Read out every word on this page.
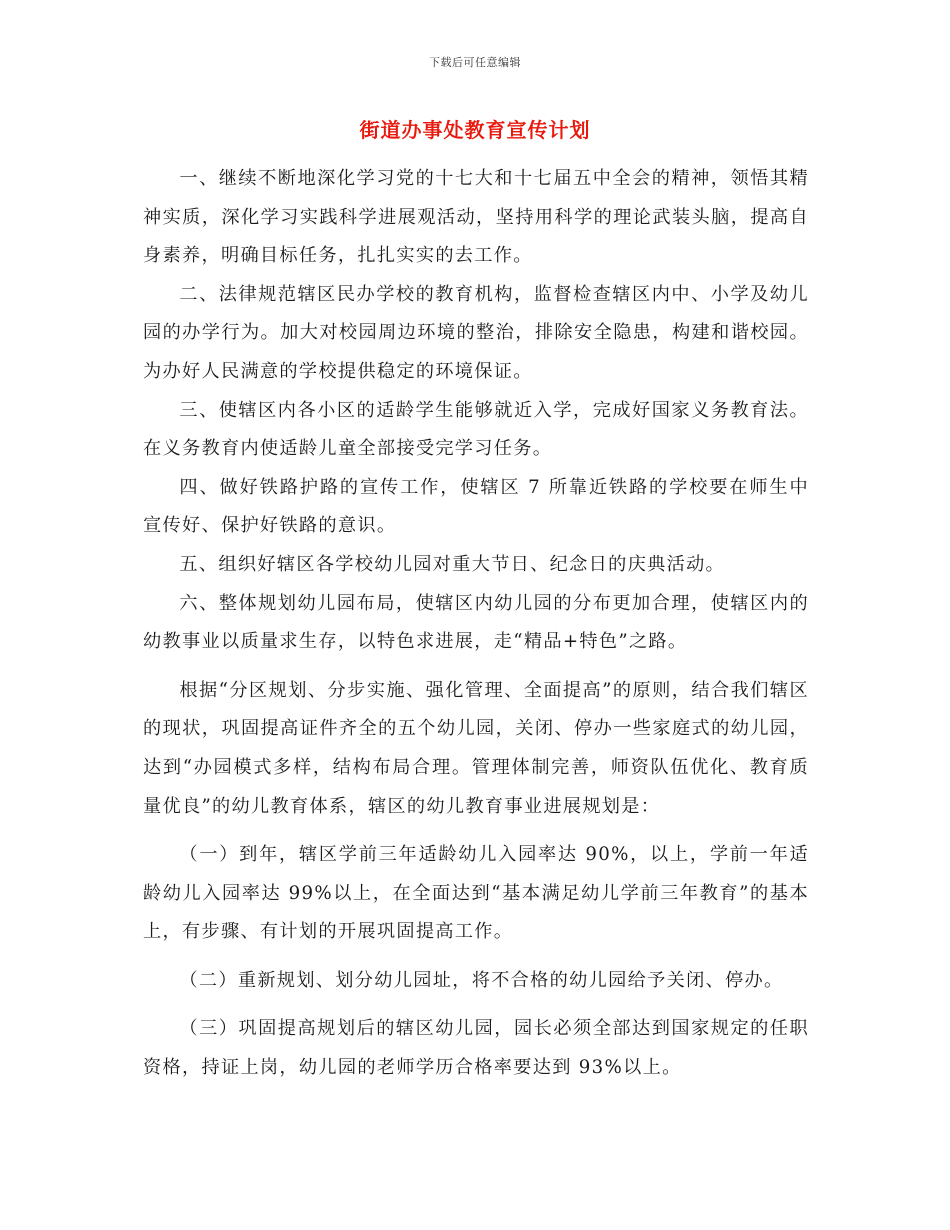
下载后可任意编辑
街道办事处教育宣传计划

一、继续不断地深化学习党的十七大和十七届五中全会的精神，领悟其精神实质，深化学习实践科学进展观活动，坚持用科学的理论武装头脑，提高自身素养，明确目标任务，扎扎实实的去工作。

二、法律规范辖区民办学校的教育机构，监督检查辖区内中、小学及幼儿园的办学行为。加大对校园周边环境的整治，排除安全隐患，构建和谐校园。为办好人民满意的学校提供稳定的环境保证。

三、使辖区内各小区的适龄学生能够就近入学，完成好国家义务教育法。在义务教育内使适龄儿童全部接受完学习任务。

四、做好铁路护路的宣传工作，使辖区 7 所靠近铁路的学校要在师生中宣传好、保护好铁路的意识。

五、组织好辖区各学校幼儿园对重大节日、纪念日的庆典活动。

六、整体规划幼儿园布局，使辖区内幼儿园的分布更加合理，使辖区内的幼教事业以质量求生存，以特色求进展，走“精品+特色”之路。

根据“分区规划、分步实施、强化管理、全面提高”的原则，结合我们辖区的现状，巩固提高证件齐全的五个幼儿园，关闭、停办一些家庭式的幼儿园，达到“办园模式多样，结构布局合理。管理体制完善，师资队伍优化、教育质量优良”的幼儿教育体系，辖区的幼儿教育事业进展规划是：

（一）到年，辖区学前三年适龄幼儿入园率达 90%，以上，学前一年适龄幼儿入园率达 99%以上，在全面达到“基本满足幼儿学前三年教育”的基本上，有步骤、有计划的开展巩固提高工作。

（二）重新规划、划分幼儿园址，将不合格的幼儿园给予关闭、停办。

（三）巩固提高规划后的辖区幼儿园，园长必须全部达到国家规定的任职资格，持证上岗，幼儿园的老师学历合格率要达到 93%以上。
